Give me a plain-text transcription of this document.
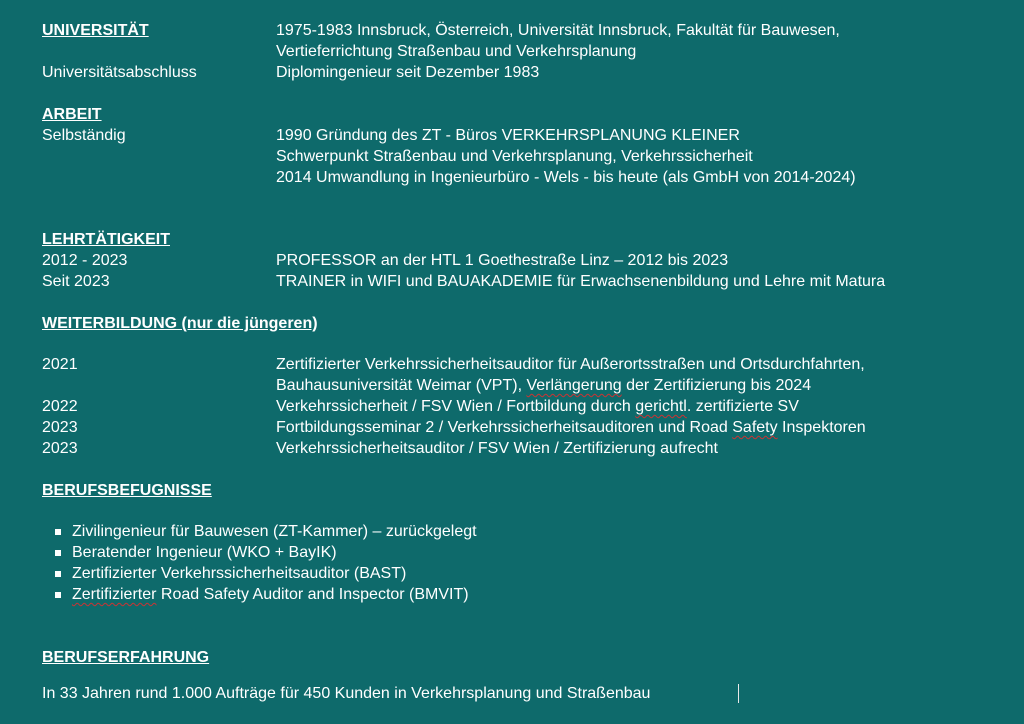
UNIVERSITÄT	1975-1983 Innsbruck, Österreich, Universität Innsbruck, Fakultät für Bauwesen,
Vertieferrichtung Straßenbau und Verkehrsplanung
Universitätsabschluss	Diplomingenieur seit Dezember 1983
ARBEIT
Selbständig	1990 Gründung des ZT - Büros VERKEHRSPLANUNG KLEINER
Schwerpunkt Straßenbau und Verkehrsplanung, Verkehrssicherheit
2014 Umwandlung in Ingenieurbüro - Wels - bis heute (als GmbH von 2014-2024)
LEHRTÄTIGKEIT
2012 - 2023	PROFESSOR an der HTL 1 Goethestraße Linz – 2012 bis 2023
Seit 2023	TRAINER in WIFI und BAUAKADEMIE für Erwachsenenbildung und Lehre mit Matura
WEITERBILDUNG (nur die jüngeren)
2021	Zertifizierter Verkehrssicherheitsauditor für Außerortsstraßen und Ortsdurchfahrten,
Bauhausuniversität Weimar (VPT), Verlängerung der Zertifizierung bis 2024
2022	Verkehrssicherheit / FSV Wien / Fortbildung durch gerichtl. zertifizierte SV
2023	Fortbildungsseminar 2 / Verkehrssicherheitsauditoren und Road Safety Inspektoren
2023	Verkehrssicherheitsauditor / FSV Wien / Zertifizierung aufrecht
BERUFSBEFUGNISSE
Zivilingenieur für Bauwesen (ZT-Kammer) – zurückgelegt
Beratender Ingenieur (WKO + BayIK)
Zertifizierter Verkehrssicherheitsauditor (BAST)
Zertifizierter Road Safety Auditor and Inspector (BMVIT)
BERUFSERFAHRUNG
In 33 Jahren rund 1.000 Aufträge für 450 Kunden in Verkehrsplanung und Straßenbau
